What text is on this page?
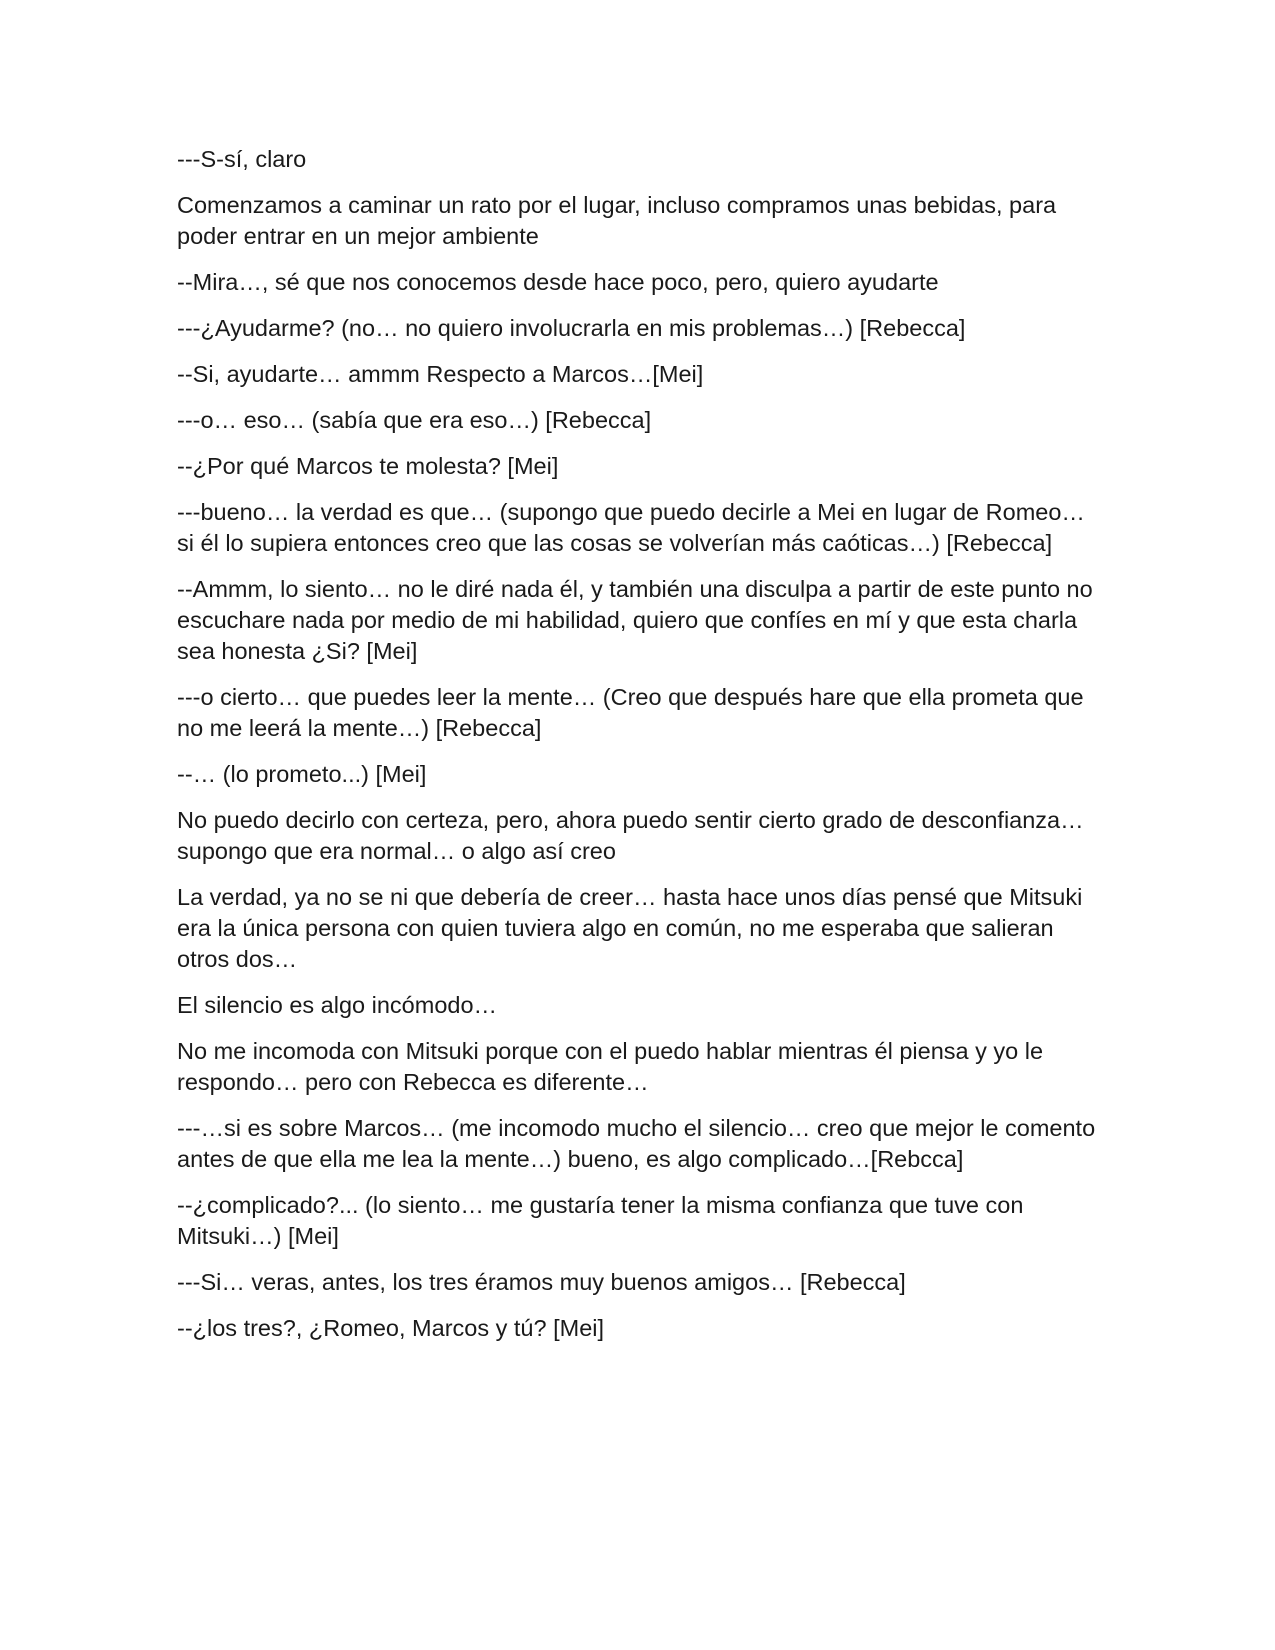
---S-sí, claro

Comenzamos a caminar un rato por el lugar, incluso compramos unas bebidas, para poder entrar en un mejor ambiente

--Mira…, sé que nos conocemos desde hace poco, pero, quiero ayudarte

---¿Ayudarme? (no… no quiero involucrarla en mis problemas…) [Rebecca]

--Si, ayudarte… ammm Respecto a Marcos…[Mei]

---o… eso… (sabía que era eso…) [Rebecca]

--¿Por qué Marcos te molesta? [Mei]

---bueno… la verdad es que… (supongo que puedo decirle a Mei en lugar de Romeo… si él lo supiera entonces creo que las cosas se volverían más caóticas…) [Rebecca]

--Ammm, lo siento… no le diré nada él, y también una disculpa a partir de este punto no escuchare nada por medio de mi habilidad, quiero que confíes en mí y que esta charla sea honesta ¿Si? [Mei]

---o cierto… que puedes leer la mente… (Creo que después hare que ella prometa que no me leerá la mente…) [Rebecca]

--… (lo prometo...) [Mei]

No puedo decirlo con certeza, pero, ahora puedo sentir cierto grado de desconfianza… supongo que era normal… o algo así creo

La verdad, ya no se ni que debería de creer… hasta hace unos días pensé que Mitsuki era la única persona con quien tuviera algo en común, no me esperaba que salieran otros dos…

El silencio es algo incómodo…

No me incomoda con Mitsuki porque con el puedo hablar mientras él piensa y yo le respondo… pero con Rebecca es diferente…

---…si es sobre Marcos… (me incomodo mucho el silencio… creo que mejor le comento antes de que ella me lea la mente…) bueno, es algo complicado…[Rebcca]

--¿complicado?... (lo siento… me gustaría tener la misma confianza que tuve con Mitsuki…) [Mei]

---Si… veras, antes, los tres éramos muy buenos amigos… [Rebecca]

--¿los tres?, ¿Romeo, Marcos y tú? [Mei]
